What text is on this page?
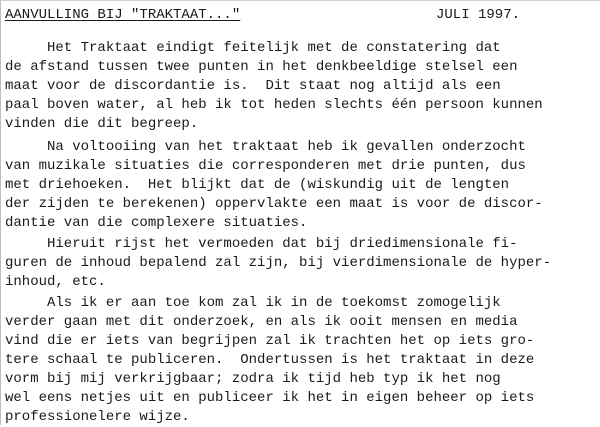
AANVULLING BIJ "TRAKTAAT..."	JULI 1997.
Het Traktaat eindigt feitelijk met de constatering dat
de afstand tussen twee punten in het denkbeeldige stelsel een
maat voor de discordantie is.  Dit staat nog altijd als een
paal boven water, al heb ik tot heden slechts één persoon kunnen
vinden die dit begreep.
Na voltooiing van het traktaat heb ik gevallen onderzocht
van muzikale situaties die corresponderen met drie punten, dus
met driehoeken.  Het blijkt dat de (wiskundig uit de lengten
der zijden te berekenen) oppervlakte een maat is voor de discor-
dantie van die complexere situaties.
Hieruit rijst het vermoeden dat bij driedimensionale fi-
guren de inhoud bepalend zal zijn, bij vierdimensionale de hyper-
inhoud, etc.
Als ik er aan toe kom zal ik in de toekomst zomogelijk
verder gaan met dit onderzoek, en als ik ooit mensen en media
vind die er iets van begrijpen zal ik trachten het op iets gro-
tere schaal te publiceren.  Ondertussen is het traktaat in deze
vorm bij mij verkrijgbaar; zodra ik tijd heb typ ik het nog
wel eens netjes uit en publiceer ik het in eigen beheer op iets
professionelere wijze.
